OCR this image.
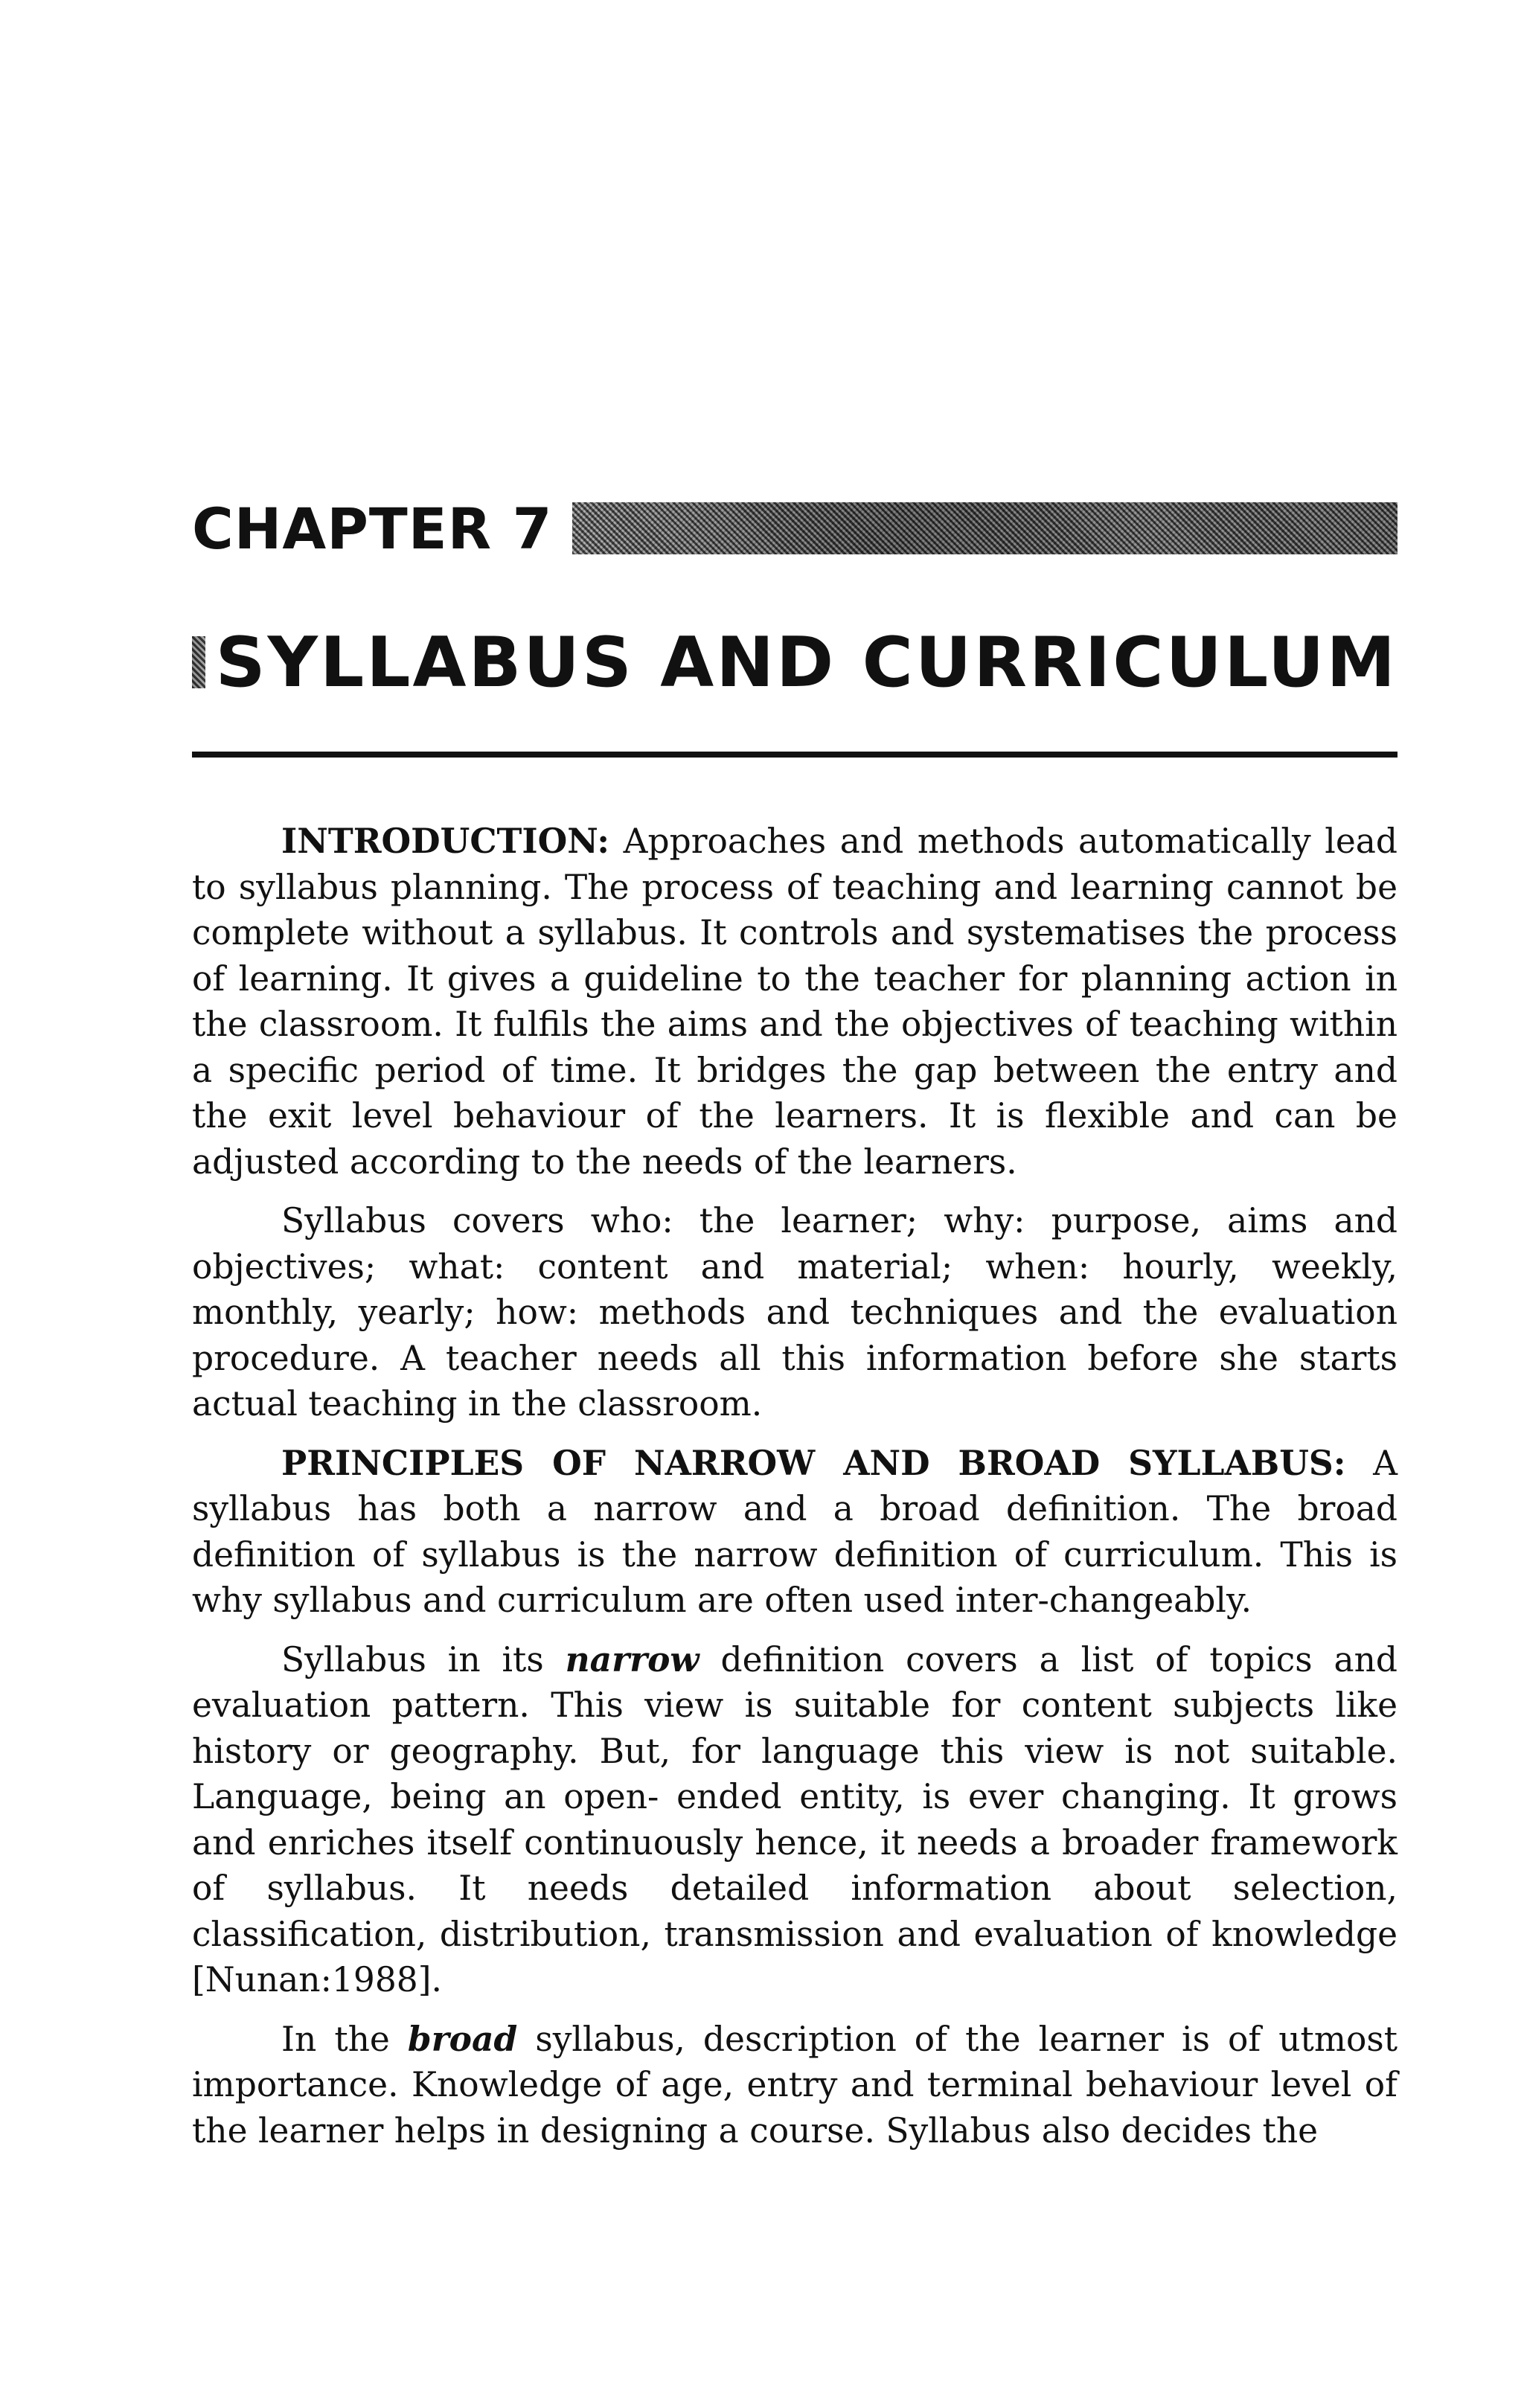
CHAPTER 7
SYLLABUS AND CURRICULUM

INTRODUCTION: Approaches and methods automatically lead to syllabus planning. The process of teaching and learning cannot be complete without a syllabus. It controls and systematises the process of learning. It gives a guideline to the teacher for planning action in the classroom. It fulfils the aims and the objectives of teaching within a specific period of time. It bridges the gap between the entry and the exit level behaviour of the learners. It is flexible and can be adjusted according to the needs of the learners.

Syllabus covers who: the learner; why: purpose, aims and objectives; what: content and material; when: hourly, weekly, monthly, yearly; how: methods and techniques and the evaluation procedure. A teacher needs all this information before she starts actual teaching in the classroom.

PRINCIPLES OF NARROW AND BROAD SYLLABUS: A syllabus has both a narrow and a broad definition. The broad definition of syllabus is the narrow definition of curriculum. This is why syllabus and curriculum are often used inter-changeably.

Syllabus in its narrow definition covers a list of topics and evaluation pattern. This view is suitable for content subjects like history or geography. But, for language this view is not suitable. Language, being an open- ended entity, is ever changing. It grows and enriches itself continuously hence, it needs a broader framework of syllabus. It needs detailed information about selection, classification, distribution, transmission and evaluation of knowledge [Nunan:1988].

In the broad syllabus, description of the learner is of utmost importance. Knowledge of age, entry and terminal behaviour level of the learner helps in designing a course. Syllabus also decides the
